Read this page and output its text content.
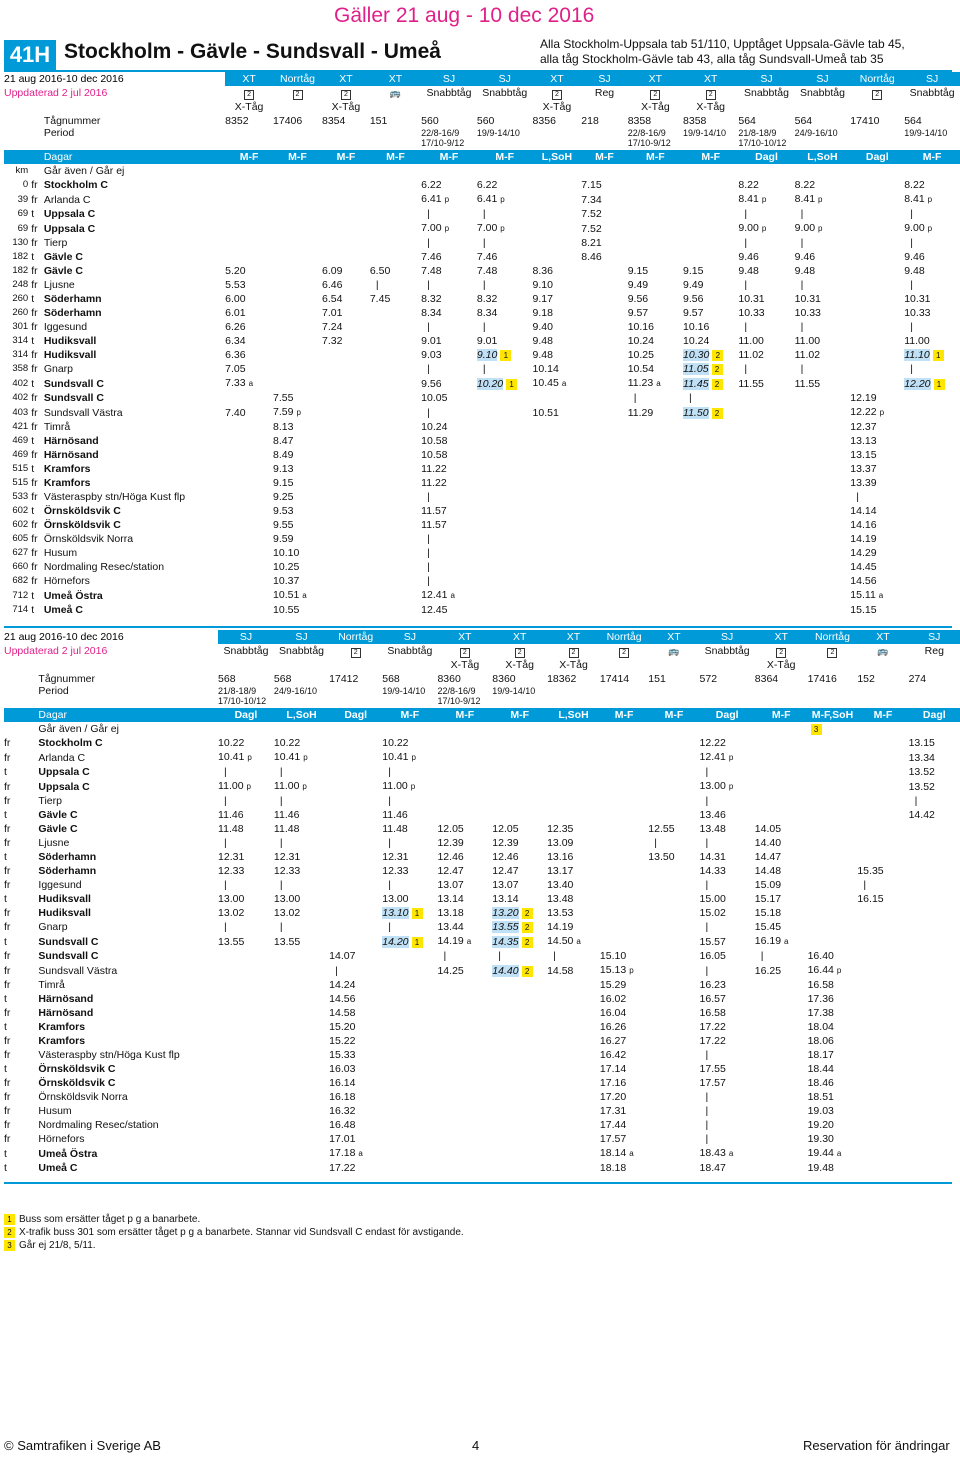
Gäller 21 aug - 10 dec 2016
41H Stockholm - Gävle - Sundsvall - Umeå	Alla Stockholm-Uppsala tab 51/110, Upptåget Uppsala-Gävle tab 45,
alla tåg Stockholm-Gävle tab 43, alla tåg Sundsvall-Umeå tab 35
21 aug 2016-10 dec 2016			XT	Norrtåg	XT	XT	SJ	SJ	XT	SJ	XT	XT	SJ	SJ	Norrtåg	SJ
Uppdaterad 2 jul 2016			2	2	2	🚌	Snabbtåg	Snabbtåg	2	Reg	2	2	Snabbtåg	Snabbtåg	2	Snabbtåg
			X-Tåg		X-Tåg				X-Tåg		X-Tåg	X-Tåg				
		Tågnummer	8352	17406	8354	151	560	560	8356	218	8358	8358	564	564	17410	564
		Period					22/8-16/9
17/10-9/12	19/9-14/10			22/8-16/9
17/10-9/12	19/9-14/10	21/8-18/9
17/10-10/12	24/9-16/10		19/9-14/10
		Dagar	M-F	M-F	M-F	M-F	M-F	M-F	L,SoH	M-F	M-F	M-F	Dagl	L,SoH	Dagl	M-F
km		Går även / Går ej														
0	fr	Stockholm C					6.22	6.22		7.15			8.22	8.22		8.22
39	fr	Arlanda C					6.41 p	6.41 p		7.34			8.41 p	8.41 p		8.41 p
69	t	Uppsala C					|	|		7.52			|	|		|
69	fr	Uppsala C					7.00 p	7.00 p		7.52			9.00 p	9.00 p		9.00 p
130	fr	Tierp					|	|		8.21			|	|		|
182	t	Gävle C					7.46	7.46		8.46			9.46	9.46		9.46
182	fr	Gävle C	5.20		6.09	6.50	7.48	7.48	8.36		9.15	9.15	9.48	9.48		9.48
248	fr	Ljusne	5.53		6.46	|	|	|	9.10		9.49	9.49	|	|		|
260	t	Söderhamn	6.00		6.54	7.45	8.32	8.32	9.17		9.56	9.56	10.31	10.31		10.31
260	fr	Söderhamn	6.01		7.01		8.34	8.34	9.18		9.57	9.57	10.33	10.33		10.33
301	fr	Iggesund	6.26		7.24		|	|	9.40		10.16	10.16	|	|		|
314	t	Hudiksvall	6.34		7.32		9.01	9.01	9.48		10.24	10.24	11.00	11.00		11.00
314	fr	Hudiksvall	6.36				9.03	9.10 1	9.48		10.25	10.30 2	11.02	11.02		11.10 1
358	fr	Gnarp	7.05				|	|	10.14		10.54	11.05 2	|	|		|
402	t	Sundsvall C	7.33 a				9.56	10.20 1	10.45 a		11.23 a	11.45 2	11.55	11.55		12.20 1
402	fr	Sundsvall C		7.55			10.05				|	|			12.19	
403	fr	Sundsvall Västra	7.40	7.59 p			|		10.51		11.29	11.50 2			12.22 p	
421	fr	Timrå		8.13			10.24								12.37	
469	t	Härnösand		8.47			10.58								13.13	
469	fr	Härnösand		8.49			10.58								13.15	
515	t	Kramfors		9.13			11.22								13.37	
515	fr	Kramfors		9.15			11.22								13.39	
533	fr	Västeraspby stn/Höga Kust flp		9.25			|								|	
602	t	Örnsköldsvik C		9.53			11.57								14.14	
602	fr	Örnsköldsvik C		9.55			11.57								14.16	
605	fr	Örnsköldsvik Norra		9.59			|								14.19	
627	fr	Husum		10.10			|								14.29	
660	fr	Nordmaling Resec/station		10.25			|								14.45	
682	fr	Hörnefors		10.37			|								14.56	
712	t	Umeå Östra		10.51 a			12.41 a								15.11 a	
714	t	Umeå C		10.55			12.45								15.15	
21 aug 2016-10 dec 2016		SJ	SJ	Norrtåg	SJ	XT	XT	XT	Norrtåg	XT	SJ	XT	Norrtåg	XT	SJ
Uppdaterad 2 jul 2016		Snabbtåg	Snabbtåg	2	Snabbtåg	2	2	2	2	🚌	Snabbtåg	2	2	🚌	Reg
						X-Tåg	X-Tåg	X-Tåg				X-Tåg			
	Tågnummer	568	568	17412	568	8360	8360	18362	17414	151	572	8364	17416	152	274
	Period	21/8-18/9
17/10-10/12	24/9-16/10		19/9-14/10	22/8-16/9
17/10-9/12	19/9-14/10								
	Dagar	Dagl	L,SoH	Dagl	M-F	M-F	M-F	L,SoH	M-F	M-F	Dagl	M-F	M-F,SoH	M-F	Dagl
	Går även / Går ej												3		
fr	Stockholm C	10.22	10.22		10.22						12.22				13.15
fr	Arlanda C	10.41 p	10.41 p		10.41 p						12.41 p				13.34
t	Uppsala C	|	|		|						|				13.52
fr	Uppsala C	11.00 p	11.00 p		11.00 p						13.00 p				13.52
fr	Tierp	|	|		|						|				|
t	Gävle C	11.46	11.46		11.46						13.46				14.42
fr	Gävle C	11.48	11.48		11.48	12.05	12.05	12.35		12.55	13.48	14.05			
fr	Ljusne	|	|		|	12.39	12.39	13.09		|	|	14.40			
t	Söderhamn	12.31	12.31		12.31	12.46	12.46	13.16		13.50	14.31	14.47			
fr	Söderhamn	12.33	12.33		12.33	12.47	12.47	13.17			14.33	14.48		15.35	
fr	Iggesund	|	|		|	13.07	13.07	13.40			|	15.09		|	
t	Hudiksvall	13.00	13.00		13.00	13.14	13.14	13.48			15.00	15.17		16.15	
fr	Hudiksvall	13.02	13.02		13.10 1	13.18	13.20 2	13.53			15.02	15.18			
fr	Gnarp	|	|		|	13.44	13.55 2	14.19			|	15.45			
t	Sundsvall C	13.55	13.55		14.20 1	14.19 a	14.35 2	14.50 a			15.57	16.19 a			
fr	Sundsvall C			14.07		|	|	|	15.10		16.05	|	16.40		
fr	Sundsvall Västra			|		14.25	14.40 2	14.58	15.13 p		|	16.25	16.44 p		
fr	Timrå			14.24					15.29		16.23		16.58		
t	Härnösand			14.56					16.02		16.57		17.36		
fr	Härnösand			14.58					16.04		16.58		17.38		
t	Kramfors			15.20					16.26		17.22		18.04		
fr	Kramfors			15.22					16.27		17.22		18.06		
fr	Västeraspby stn/Höga Kust flp			15.33					16.42		|		18.17		
t	Örnsköldsvik C			16.03					17.14		17.55		18.44		
fr	Örnsköldsvik C			16.14					17.16		17.57		18.46		
fr	Örnsköldsvik Norra			16.18					17.20		|		18.51		
fr	Husum			16.32					17.31		|		19.03		
fr	Nordmaling Resec/station			16.48					17.44		|		19.20		
fr	Hörnefors			17.01					17.57		|		19.30		
t	Umeå Östra			17.18 a					18.14 a		18.43 a		19.44 a		
t	Umeå C			17.22					18.18		18.47		19.48		
1 Buss som ersätter tåget p g a banarbete.
2 X-trafik buss 301 som ersätter tåget p g a banarbete. Stannar vid Sundsvall C endast för avstigande.
3 Går ej 21/8, 5/11.
© Samtrafiken i Sverige AB	4	Reservation för ändringar
